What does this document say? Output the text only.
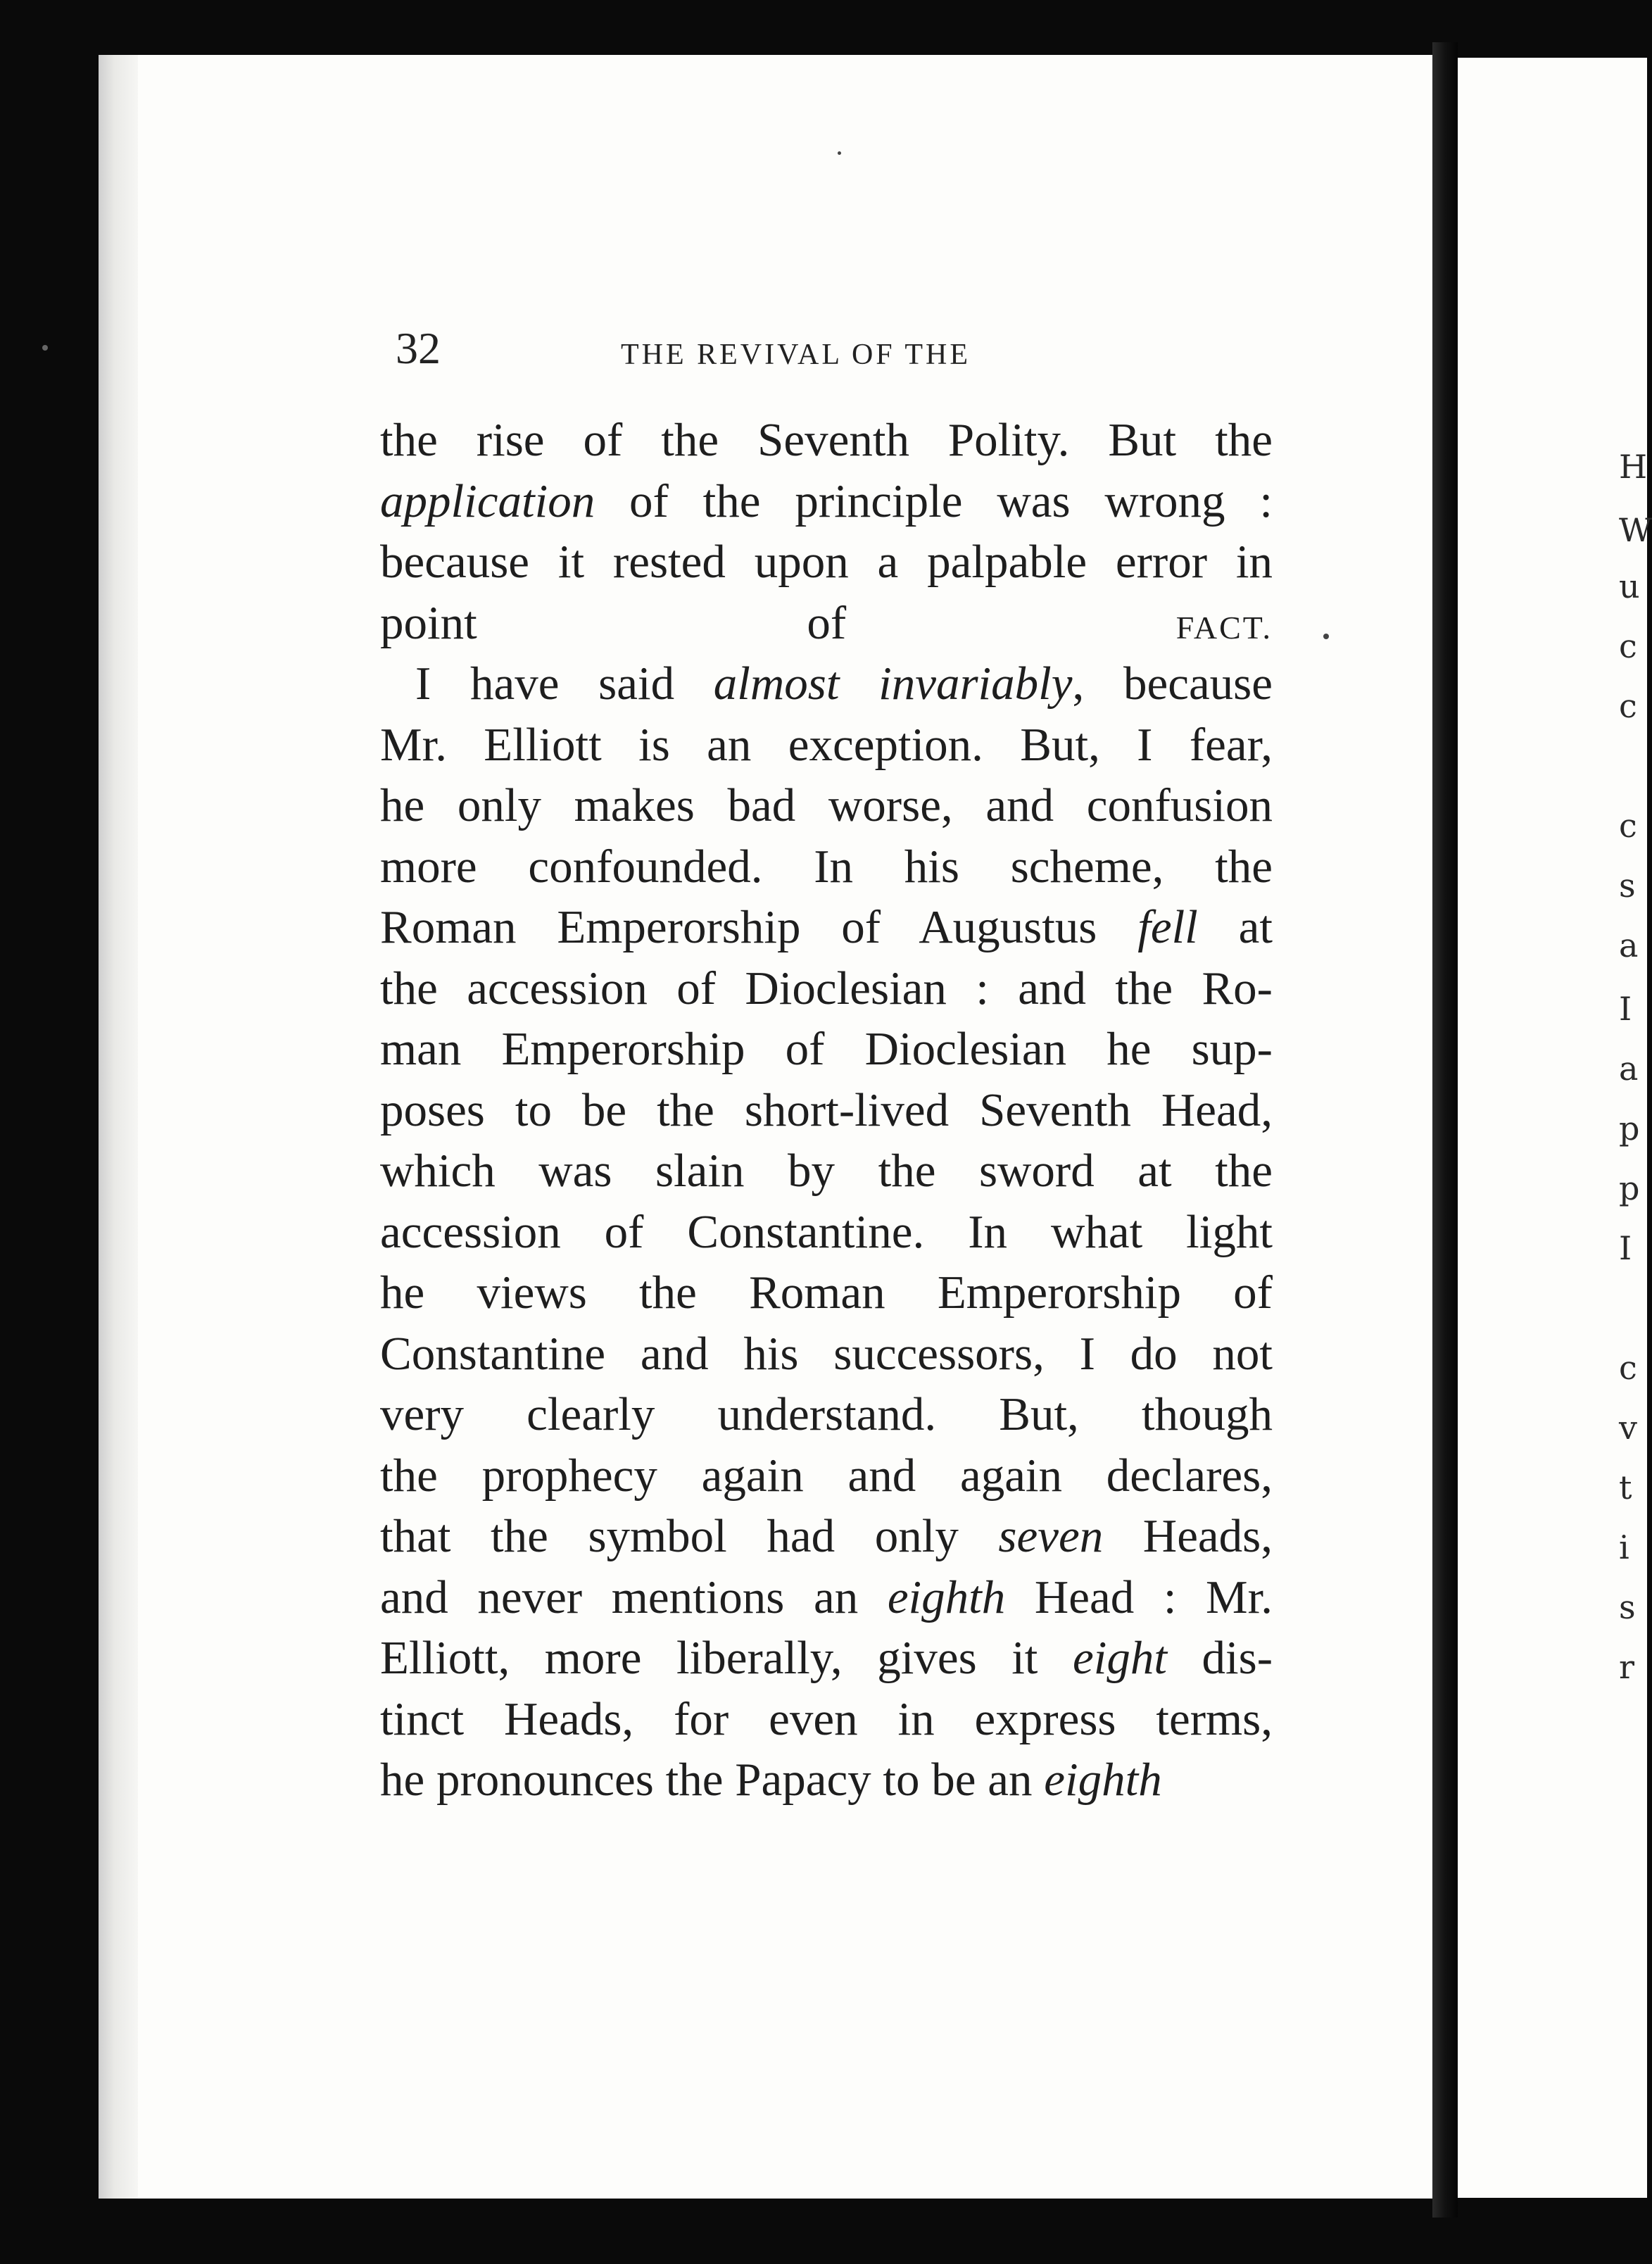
H
W
u
c
c
c
s
a
I
a
p
p
I
c
v
t
i
s
r
32	THE REVIVAL OF THE
the rise of the Seventh Polity. But the
application of the principle was wrong :
because it rested upon a palpable error in
point of FACT.
I have said almost invariably, because
Mr. Elliott is an exception. But, I fear,
he only makes bad worse, and confusion
more confounded. In his scheme, the
Roman Emperorship of Augustus fell at
the accession of Dioclesian : and the Ro-
man Emperorship of Dioclesian he sup-
poses to be the short-lived Seventh Head,
which was slain by the sword at the
accession of Constantine. In what light
he views the Roman Emperorship of
Constantine and his successors, I do not
very clearly understand. But, though
the prophecy again and again declares,
that the symbol had only seven Heads,
and never mentions an eighth Head : Mr.
Elliott, more liberally, gives it eight dis-
tinct Heads, for even in express terms,
he pronounces the Papacy to be an eighth
